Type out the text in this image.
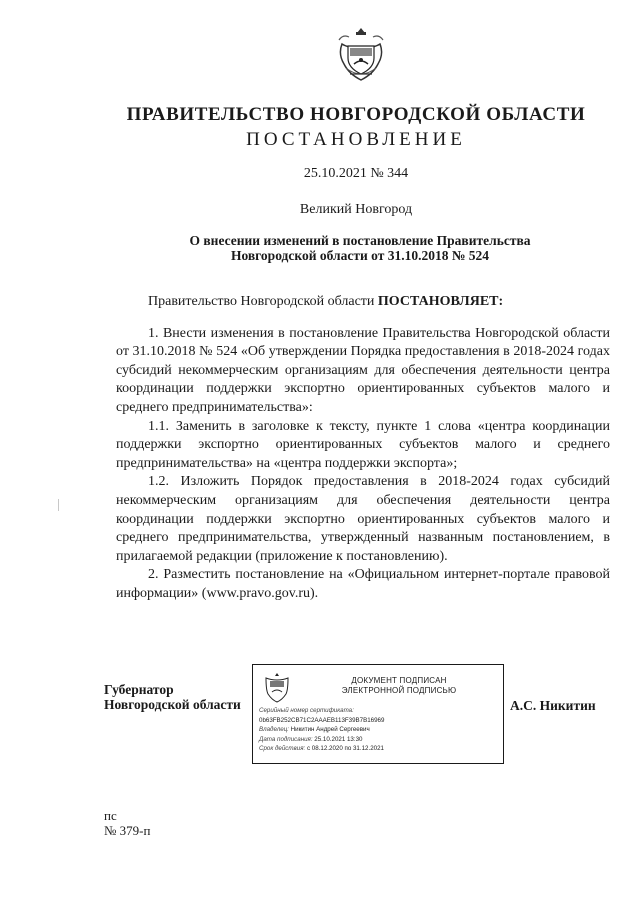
ПРАВИТЕЛЬСТВО НОВГОРОДСКОЙ ОБЛАСТИ
ПОСТАНОВЛЕНИЕ
25.10.2021 № 344
Великий Новгород
О внесении изменений в постановление Правительства
Новгородской области от 31.10.2018 № 524

Правительство Новгородской области ПОСТАНОВЛЯЕТ:

1. Внести изменения в постановление Правительства Новгородской области от 31.10.2018 № 524 «Об утверждении Порядка предоставления в 2018-2024 годах субсидий некоммерческим организациям для обеспечения деятельности центра координации поддержки экспортно ориентированных субъектов малого и среднего предпринимательства»:

1.1. Заменить в заголовке к тексту, пункте 1 слова «центра координации поддержки экспортно ориентированных субъектов малого и среднего предпринимательства» на «центра поддержки экспорта»;

1.2. Изложить Порядок предоставления в 2018-2024 годах субсидий некоммерческим организациям для обеспечения деятельности центра координации поддержки экспортно ориентированных субъектов малого и среднего предпринимательства, утвержденный названным постановлением, в прилагаемой редакции (приложение к постановлению).

2. Разместить постановление на «Официальном интернет-портале правовой информации» (www.pravo.gov.ru).

Губернатор
Новгородской области
ДОКУМЕНТ ПОДПИСАН
ЭЛЕКТРОННОЙ ПОДПИСЬЮ
Серийный номер сертификата:
0b63FB252CB71C2AAAEB113F39B7B16969
Владелец: Никитин Андрей Сергеевич
Дата подписания: 25.10.2021 13:30
Срок действия: с 08.12.2020 по 31.12.2021
А.С. Никитин
пс
№ 379-п
